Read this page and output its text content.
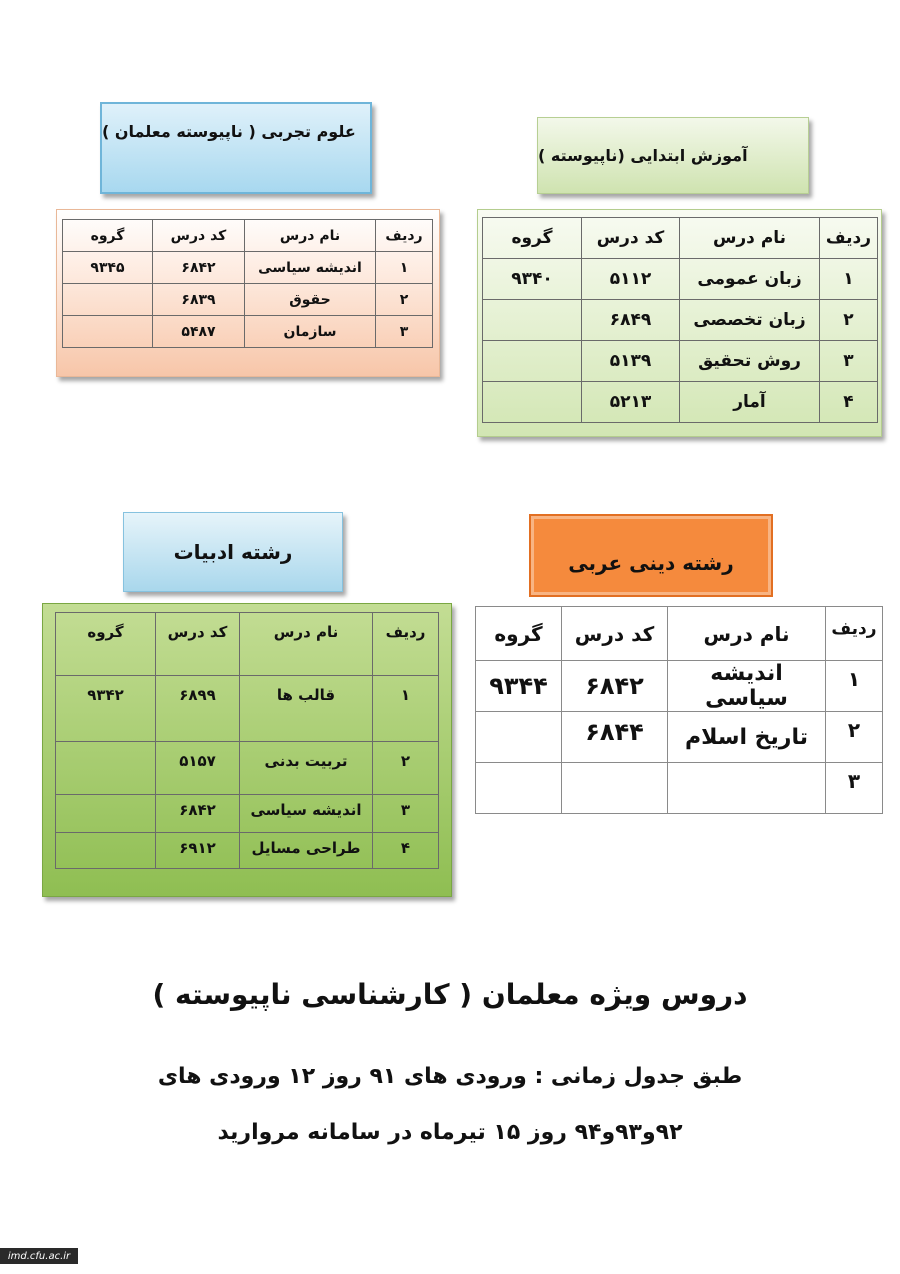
علوم تجربی ( ناپیوسته معلمان )
ردیف	نام درس	کد درس	گروه
۱	اندیشه سیاسی	۶۸۴۲	۹۳۴۵
۲	حقوق	۶۸۳۹	
۳	سازمان	۵۴۸۷	
آموزش ابتدایی (ناپیوسته )
ردیف	نام درس	کد درس	گروه
۱	زبان عمومی	۵۱۱۲	۹۳۴۰
۲	زبان تخصصی	۶۸۴۹	
۳	روش تحقیق	۵۱۳۹	
۴	آمار	۵۲۱۳	
رشته ادبیات
ردیف	نام درس	کد درس	گروه
۱	قالب ها	۶۸۹۹	۹۳۴۲
۲	تربیت بدنی	۵۱۵۷	
۳	اندیشه سیاسی	۶۸۴۲	
۴	طراحی مسایل	۶۹۱۲	
رشته دینی عربی
ردیف	نام درس	کد درس	گروه
۱	اندیشه سیاسی	۶۸۴۲	۹۳۴۴
۲	تاریخ اسلام	۶۸۴۴	
۳			
دروس ویژه معلمان ( کارشناسی ناپیوسته )
طبق جدول زمانی : ورودی های ۹۱ روز ۱۲ ورودی های
۹۲و۹۳و۹۴ روز ۱۵ تیرماه در سامانه مروارید
imd.cfu.ac.ir
